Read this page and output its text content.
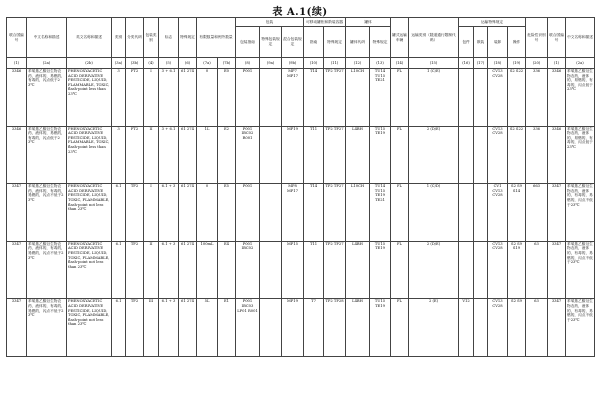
表 A.1(续)
联合国编号	中文名称和描述	英文名称和描述	类别	分类代码	包装类别	标志	特殊规定	有限数量和例外数量		包装			可移动罐柜和散装容器		罐体		罐式运输车辆	运输类别（隧道通行限制代码）	运输特殊规定				危险性识别号	联合国编号	中文名称和描述
										包装指南	特殊包装规定	混合包装规定	指南	特殊规定	罐体代码	特殊规定			包件	散装	装卸	操作			
(1)	(2a)	(2b)	(3a)	(3b)	(4)	(5)	(6)	(7a)	(7b)	(8)	(9a)	(9b)	(10)	(11)	(12)	(13)	(14)	(15)	(16)	(17)	(18)	(19)	(20)	(1)	(2a)
3346	苯氧基乙酸衍生物农药，液体的，易燃的，有毒的，闪点低于23℃	PHENOXYACETIC ACID DERIVATIVE PESTICIDE, LIQUID, FLAMMABLE, TOXIC, flash-point less than 23℃	3	FT2	I	3 + 6.1	61 274	0	E0	P001		MP7 MP17	T14	TP2 TP27	L10CH	TU14 TU15 TE21	FL	1 (C/E)			CV13 CV28	S2 S22	336	3346	苯氧基乙酸衍生物农药，液体的，易燃的，有毒的，闪点低于23℃
3346	苯氧基乙酸衍生物农药，液体的，易燃的，有毒的，闪点低于23℃	PHENOXYACETIC ACID DERIVATIVE PESTICIDE, LIQUID, FLAMMABLE, TOXIC, flash-point less than 23℃	3	FT2	II	3 + 6.1	61 274	1L	E2	P001 IBC02 R001		MP19	T11	TP2 TP27	L4BH	TU15 TE19	FL	2 (D/E)			CV13 CV28	S2 S22	336	3346	苯氧基乙酸衍生物农药，液体的，易燃的，有毒的，闪点低于23℃
3347	苯氧基乙酸衍生物农药，液体的，有毒的，易燃的，闪点不低于23℃	PHENOXYACETIC ACID DERIVATIVE PESTICIDE, LIQUID, TOXIC, FLAMMABLE, flash-point not less than 23℃	6.1	TF2	I	6.1 + 3	61 274	0	E5	P001		MP8 MP17	T14	TP2 TP27	L10CH	TU14 TU15 TE19 TE21	FL	1 (C/D)			CV1 CV13 CV28	S2 S9 S14	663	3347	苯氧基乙酸衍生物农药，液体的，有毒的，易燃的，闪点不低于23℃
3347	苯氧基乙酸衍生物农药，液体的，有毒的，易燃的，闪点不低于23℃	PHENOXYACETIC ACID DERIVATIVE PESTICIDE, LIQUID, TOXIC, FLAMMABLE, flash-point not less than 23℃	6.1	TF2	II	6.1 + 3	61 274	100mL	E4	P001 IBC02		MP15	T11	TP2 TP27	L4BH	TU15 TE19	FL	2 (D/E)			CV13 CV28	S2 S9 S19	63	3347	苯氧基乙酸衍生物农药，液体的，有毒的，易燃的，闪点不低于23℃
3347	苯氧基乙酸衍生物农药，液体的，有毒的，易燃的，闪点不低于23℃	PHENOXYACETIC ACID DERIVATIVE PESTICIDE, LIQUID, TOXIC, FLAMMABLE, flash-point not less than 23℃	6.1	TF2	III	6.1 + 3	61 274	5L	E1	P001 IBC03 LP01 R001		MP19	T7	TP2 TP28	L4BH	TU15 TE19	FL	2 (E)	V12		CV13 CV28	S2 S9	63	3347	苯氧基乙酸衍生物农药，液体的，有毒的，易燃的，闪点不低于23℃
